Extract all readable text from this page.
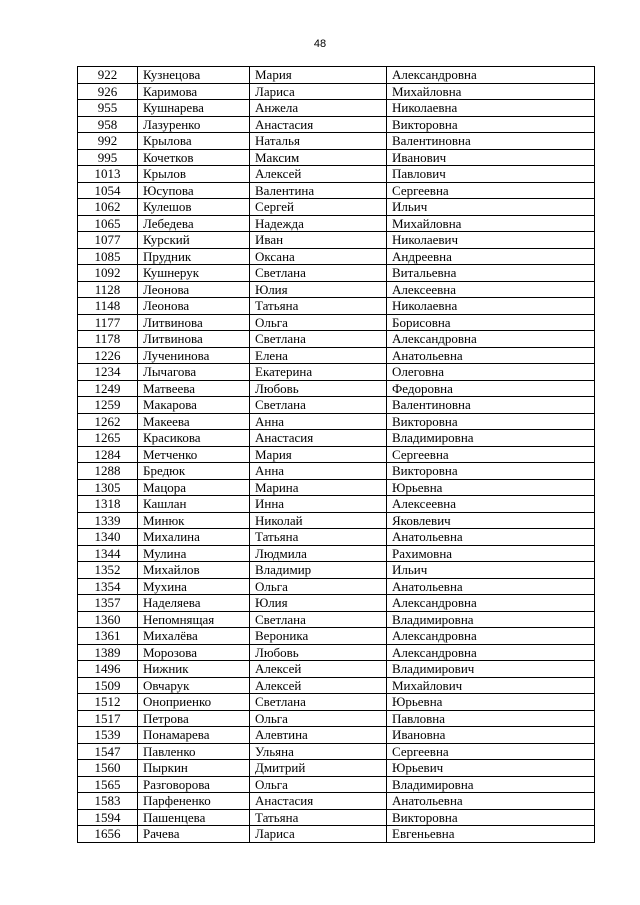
48
922	Кузнецова	Мария	Александровна
926	Каримова	Лариса	Михайловна
955	Кушнарева	Анжела	Николаевна
958	Лазуренко	Анастасия	Викторовна
992	Крылова	Наталья	Валентиновна
995	Кочетков	Максим	Иванович
1013	Крылов	Алексей	Павлович
1054	Юсупова	Валентина	Сергеевна
1062	Кулешов	Сергей	Ильич
1065	Лебедева	Надежда	Михайловна
1077	Курский	Иван	Николаевич
1085	Прудник	Оксана	Андреевна
1092	Кушнерук	Светлана	Витальевна
1128	Леонова	Юлия	Алексеевна
1148	Леонова	Татьяна	Николаевна
1177	Литвинова	Ольга	Борисовна
1178	Литвинова	Светлана	Александровна
1226	Лученинова	Елена	Анатольевна
1234	Лычагова	Екатерина	Олеговна
1249	Матвеева	Любовь	Федоровна
1259	Макарова	Светлана	Валентиновна
1262	Макеева	Анна	Викторовна
1265	Красикова	Анастасия	Владимировна
1284	Метченко	Мария	Сергеевна
1288	Бредюк	Анна	Викторовна
1305	Мацора	Марина	Юрьевна
1318	Кашлан	Инна	Алексеевна
1339	Минюк	Николай	Яковлевич
1340	Михалина	Татьяна	Анатольевна
1344	Мулина	Людмила	Рахимовна
1352	Михайлов	Владимир	Ильич
1354	Мухина	Ольга	Анатольевна
1357	Наделяева	Юлия	Александровна
1360	Непомнящая	Светлана	Владимировна
1361	Михалёва	Вероника	Александровна
1389	Морозова	Любовь	Александровна
1496	Нижник	Алексей	Владимирович
1509	Овчарук	Алексей	Михайлович
1512	Оноприенко	Светлана	Юрьевна
1517	Петрова	Ольга	Павловна
1539	Понамарева	Алевтина	Ивановна
1547	Павленко	Ульяна	Сергеевна
1560	Пыркин	Дмитрий	Юрьевич
1565	Разговорова	Ольга	Владимировна
1583	Парфененко	Анастасия	Анатольевна
1594	Пашенцева	Татьяна	Викторовна
1656	Рачева	Лариса	Евгеньевна
